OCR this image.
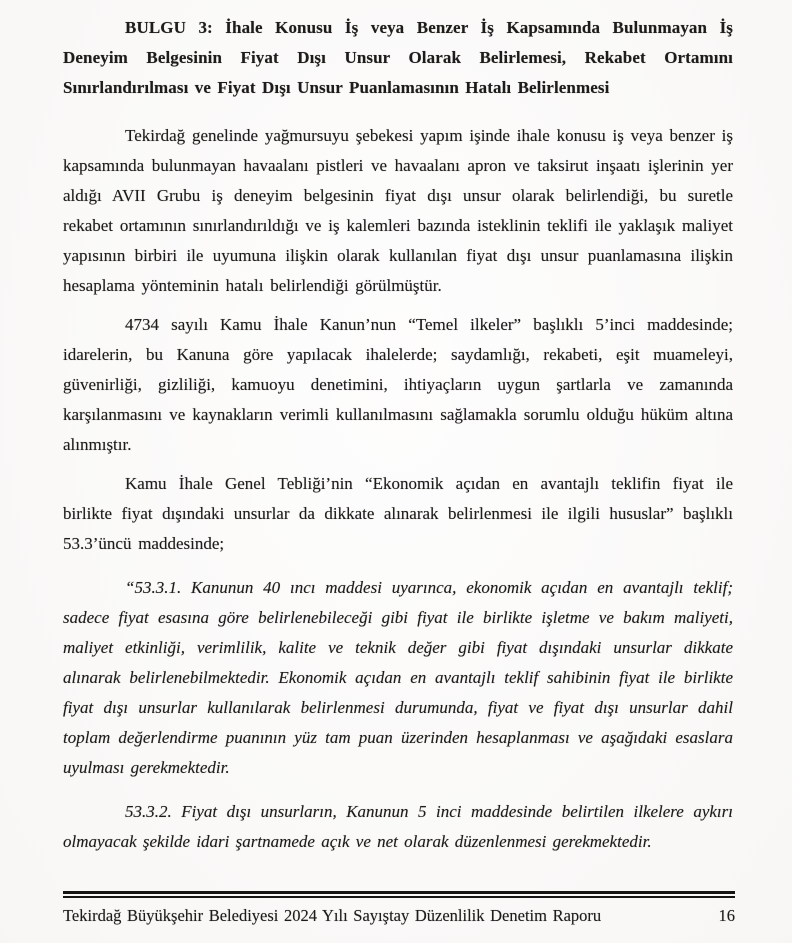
BULGU 3: İhale Konusu İş veya Benzer İş Kapsamında Bulunmayan İş Deneyim Belgesinin Fiyat Dışı Unsur Olarak Belirlemesi, Rekabet Ortamını Sınırlandırılması ve Fiyat Dışı Unsur Puanlamasının Hatalı Belirlenmesi

Tekirdağ genelinde yağmursuyu şebekesi yapım işinde ihale konusu iş veya benzer iş kapsamında bulunmayan havaalanı pistleri ve havaalanı apron ve taksirut inşaatı işlerinin yer aldığı AVII Grubu iş deneyim belgesinin fiyat dışı unsur olarak belirlendiği, bu suretle rekabet ortamının sınırlandırıldığı ve iş kalemleri bazında isteklinin teklifi ile yaklaşık maliyet yapısının birbiri ile uyumuna ilişkin olarak kullanılan fiyat dışı unsur puanlamasına ilişkin hesaplama yönteminin hatalı belirlendiği görülmüştür.

4734 sayılı Kamu İhale Kanun’nun “Temel ilkeler” başlıklı 5’inci maddesinde; idarelerin, bu Kanuna göre yapılacak ihalelerde; saydamlığı, rekabeti, eşit muameleyi, güvenirliği, gizliliği, kamuoyu denetimini, ihtiyaçların uygun şartlarla ve zamanında karşılanmasını ve kaynakların verimli kullanılmasını sağlamakla sorumlu olduğu hüküm altına alınmıştır.

Kamu İhale Genel Tebliği’nin “Ekonomik açıdan en avantajlı teklifin fiyat ile birlikte fiyat dışındaki unsurlar da dikkate alınarak belirlenmesi ile ilgili hususlar” başlıklı 53.3’üncü maddesinde;

“53.3.1. Kanunun 40 ıncı maddesi uyarınca, ekonomik açıdan en avantajlı teklif; sadece fiyat esasına göre belirlenebileceği gibi fiyat ile birlikte işletme ve bakım maliyeti, maliyet etkinliği, verimlilik, kalite ve teknik değer gibi fiyat dışındaki unsurlar dikkate alınarak belirlenebilmektedir. Ekonomik açıdan en avantajlı teklif sahibinin fiyat ile birlikte fiyat dışı unsurlar kullanılarak belirlenmesi durumunda, fiyat ve fiyat dışı unsurlar dahil toplam değerlendirme puanının yüz tam puan üzerinden hesaplanması ve aşağıdaki esaslara uyulması gerekmektedir.

53.3.2. Fiyat dışı unsurların, Kanunun 5 inci maddesinde belirtilen ilkelere aykırı olmayacak şekilde idari şartnamede açık ve net olarak düzenlenmesi gerekmektedir.

Tekirdağ Büyükşehir Belediyesi 2024 Yılı Sayıştay Düzenlilik Denetim Raporu	16
